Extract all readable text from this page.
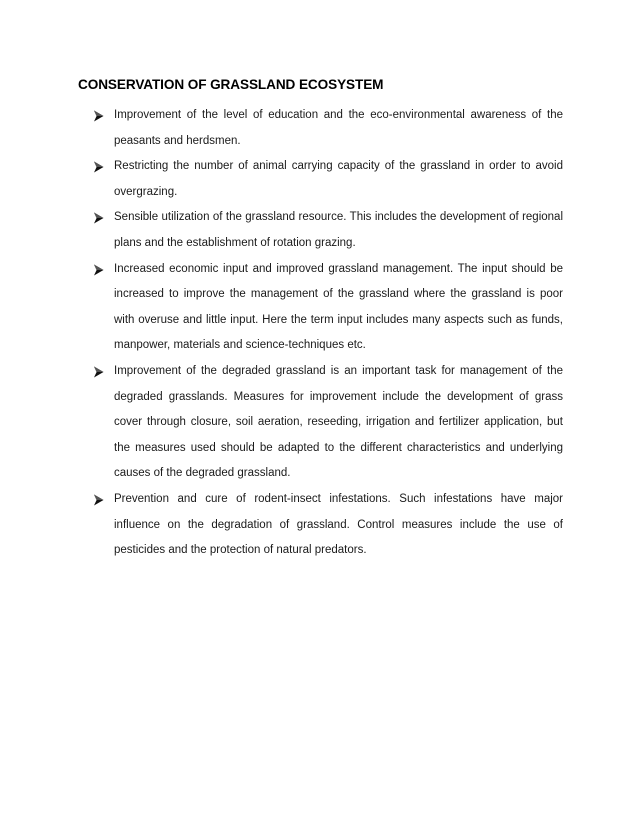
CONSERVATION OF GRASSLAND ECOSYSTEM
Improvement of the level of education and the eco-environmental awareness of the peasants and herdsmen.
Restricting the number of animal carrying capacity of the grassland in order to avoid overgrazing.
Sensible utilization of the grassland resource. This includes the development of regional plans and the establishment of rotation grazing.
Increased economic input and improved grassland management. The input should be increased to improve the management of the grassland where the grassland is poor with overuse and little input. Here the term input includes many aspects such as funds, manpower, materials and science-techniques etc.
Improvement of the degraded grassland is an important task for management of the degraded grasslands. Measures for improvement include the development of grass cover through closure, soil aeration, reseeding, irrigation and fertilizer application, but the measures used should be adapted to the different characteristics and underlying causes of the degraded grassland.
Prevention and cure of rodent-insect infestations. Such infestations have major influence on the degradation of grassland. Control measures include the use of pesticides and the protection of natural predators.
